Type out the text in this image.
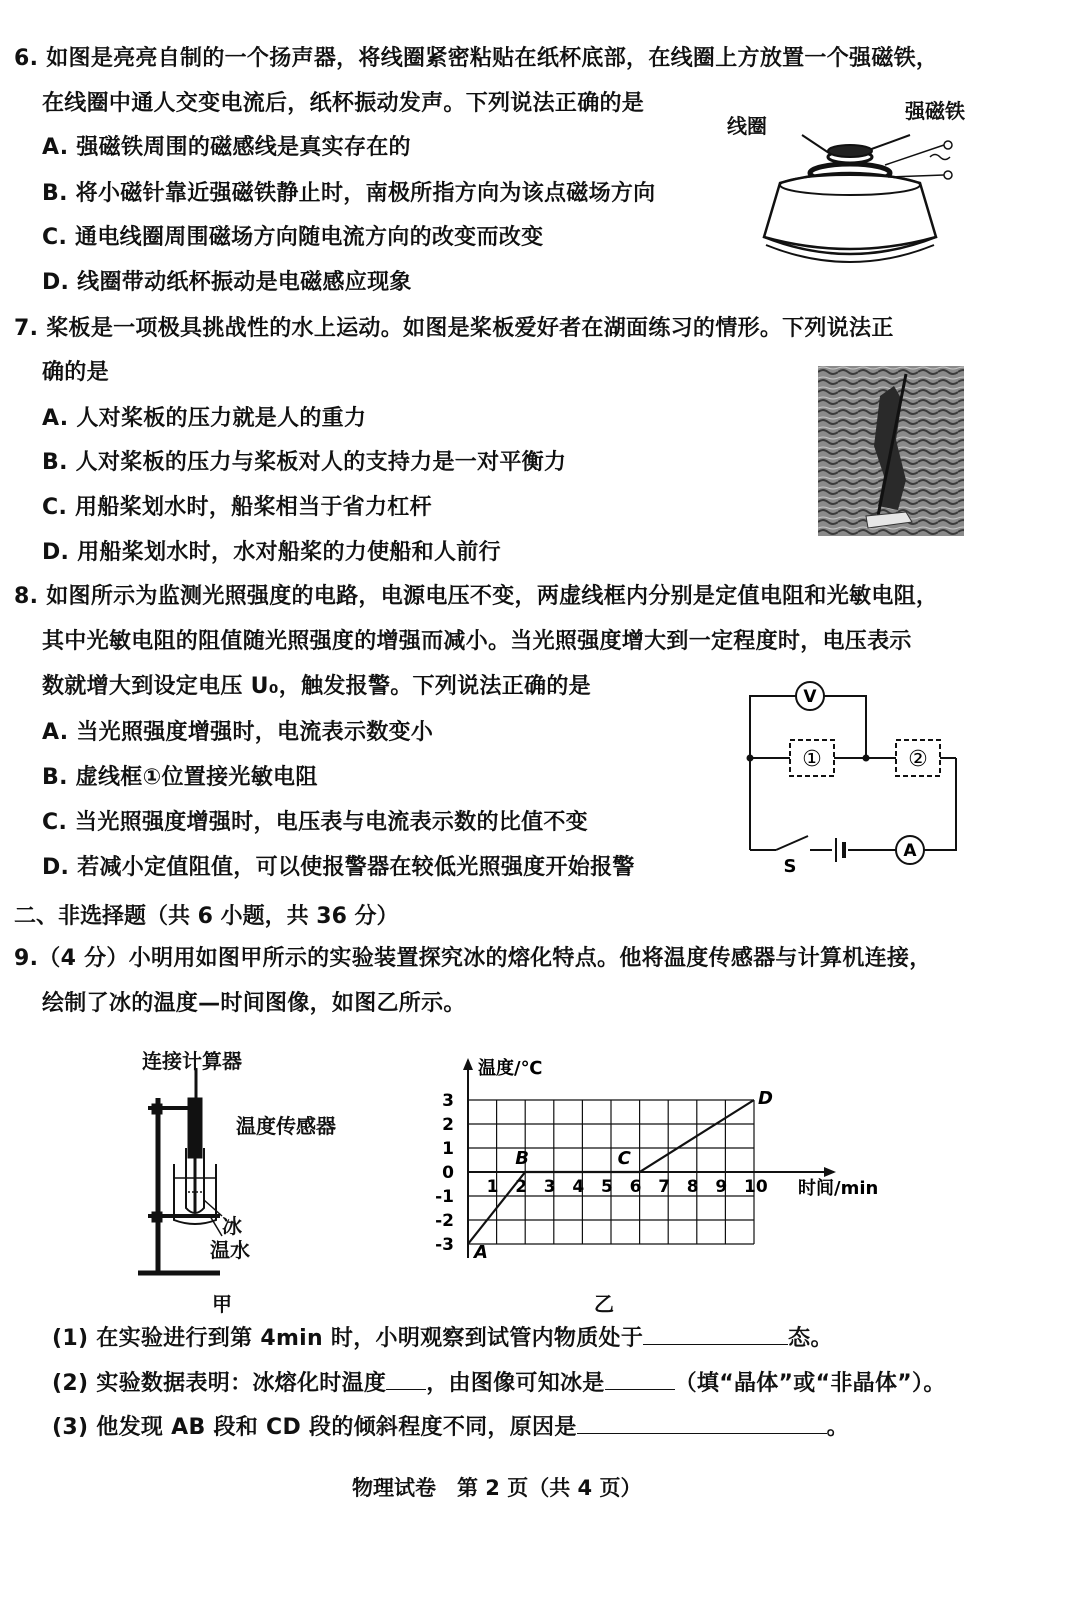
6. 如图是亮亮自制的一个扬声器，将线圈紧密粘贴在纸杯底部，在线圈上方放置一个强磁铁，
在线圈中通人交变电流后，纸杯振动发声。下列说法正确的是
A. 强磁铁周围的磁感线是真实存在的
B. 将小磁针靠近强磁铁静止时，南极所指方向为该点磁场方向
C. 通电线圈周围磁场方向随电流方向的改变而改变
D. 线圈带动纸杯振动是电磁感应现象
线圈
强磁铁
7. 桨板是一项极具挑战性的水上运动。如图是桨板爱好者在湖面练习的情形。下列说法正
确的是
A. 人对桨板的压力就是人的重力
B. 人对桨板的压力与桨板对人的支持力是一对平衡力
C. 用船桨划水时，船桨相当于省力杠杆
D. 用船桨划水时，水对船桨的力使船和人前行
8. 如图所示为监测光照强度的电路，电源电压不变，两虚线框内分别是定值电阻和光敏电阻，
其中光敏电阻的阻值随光照强度的增强而减小。当光照强度增大到一定程度时，电压表示
数就增大到设定电压 U₀，触发报警。下列说法正确的是
A. 当光照强度增强时，电流表示数变小
B. 虚线框①位置接光敏电阻
C. 当光照强度增强时，电压表与电流表示数的比值不变
D. 若减小定值阻值，可以使报警器在较低光照强度开始报警
V
A
①	②
S
二、非选择题（共 6 小题，共 36 分）
9.（4 分）小明用如图甲所示的实验装置探究冰的熔化特点。他将温度传感器与计算机连接，
绘制了冰的温度—时间图像，如图乙所示。
连接计算器
温度传感器
冰
温水
甲
1 2 3 4 5 6 7 8 9 10
3
2
1
0
-1
-2
-3
温度/℃
时间/min
A
B	C
D
乙
(1) 在实验进行到第 4min 时，小明观察到试管内物质处于	态。
(2) 实验数据表明：冰熔化时温度 ，由图像可知冰是	（填“晶体”或“非晶体”）。
(3) 他发现 AB 段和 CD 段的倾斜程度不同，原因是	。
物理试卷　第 2 页（共 4 页）
